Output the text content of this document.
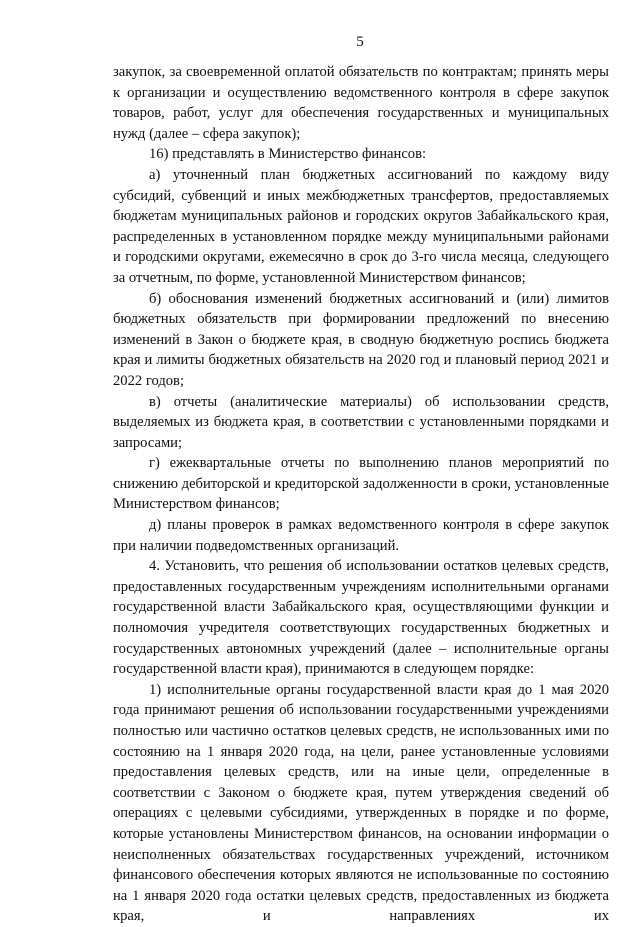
5

закупок, за своевременной оплатой обязательств по контрактам; принять меры к организации и осуществлению ведомственного контроля в сфере закупок товаров, работ, услуг для обеспечения государственных и муниципальных нужд (далее – сфера закупок);

16) представлять в Министерство финансов:

а) уточненный план бюджетных ассигнований по каждому виду субсидий, субвенций и иных межбюджетных трансфертов, предоставляемых бюджетам муниципальных районов и городских округов Забайкальского края, распределенных в установленном порядке между муниципальными районами и городскими округами, ежемесячно в срок до 3-го числа месяца, следующего за отчетным, по форме, установленной Министерством финансов;

б) обоснования изменений бюджетных ассигнований и (или) лимитов бюджетных обязательств при формировании предложений по внесению изменений в Закон о бюджете края, в сводную бюджетную роспись бюджета края и лимиты бюджетных обязательств на 2020 год и плановый период 2021 и 2022 годов;

в) отчеты (аналитические материалы) об использовании средств, выделяемых из бюджета края, в соответствии с установленными порядками и запросами;

г) ежеквартальные отчеты по выполнению планов мероприятий по снижению дебиторской и кредиторской задолженности в сроки, установленные Министерством финансов;

д) планы проверок в рамках ведомственного контроля в сфере закупок при наличии подведомственных организаций.

4. Установить, что решения об использовании остатков целевых средств, предоставленных государственным учреждениям исполнительными органами государственной власти Забайкальского края, осуществляющими функции и полномочия учредителя соответствующих государственных бюджетных и государственных автономных учреждений (далее – исполнительные органы государственной власти края), принимаются в следующем порядке:

1) исполнительные органы государственной власти края до 1 мая 2020 года принимают решения об использовании государственными учреждениями полностью или частично остатков целевых средств, не использованных ими по состоянию на 1 января 2020 года, на цели, ранее установленные условиями предоставления целевых средств, или на иные цели, определенные в соответствии с Законом о бюджете края, путем утверждения сведений об операциях с целевыми субсидиями, утвержденных в порядке и по форме, которые установлены Министерством финансов, на основании информации о неисполненных обязательствах государственных учреждений, источником финансового обеспечения которых являются не использованные по состоянию на 1 января 2020 года остатки целевых средств, предоставленных из бюджета края, и направлениях их
